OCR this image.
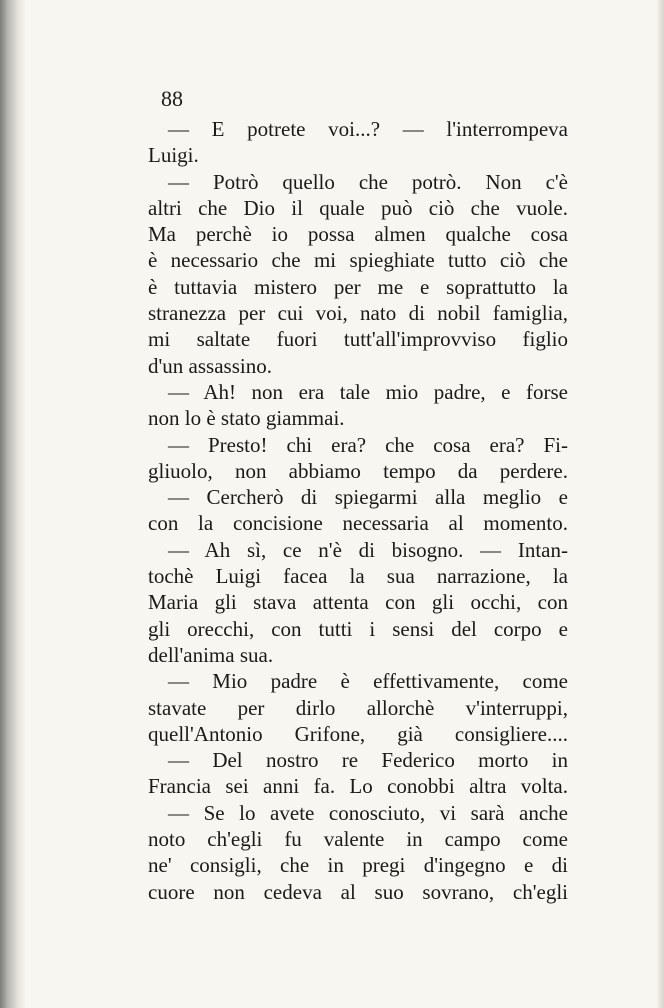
88
— E potrete voi...? — l'interrompeva
Luigi.
— Potrò quello che potrò. Non c'è
altri che Dio il quale può ciò che vuole.
Ma perchè io possa almen qualche cosa
è necessario che mi spieghiate tutto ciò che
è tuttavia mistero per me e soprattutto la
stranezza per cui voi, nato di nobil famiglia,
mi saltate fuori tutt'all'improvviso figlio
d'un assassino.
— Ah! non era tale mio padre, e forse
non lo è stato giammai.
— Presto! chi era? che cosa era? Fi-
gliuolo, non abbiamo tempo da perdere.
— Cercherò di spiegarmi alla meglio e
con la concisione necessaria al momento.
— Ah sì, ce n'è di bisogno. — Intan-
tochè Luigi facea la sua narrazione, la
Maria gli stava attenta con gli occhi, con
gli orecchi, con tutti i sensi del corpo e
dell'anima sua.
— Mio padre è effettivamente, come
stavate per dirlo allorchè v'interruppi,
quell'Antonio Grifone, già consigliere....
— Del nostro re Federico morto in
Francia sei anni fa. Lo conobbi altra volta.
— Se lo avete conosciuto, vi sarà anche
noto ch'egli fu valente in campo come
ne' consigli, che in pregi d'ingegno e di
cuore non cedeva al suo sovrano, ch'egli
